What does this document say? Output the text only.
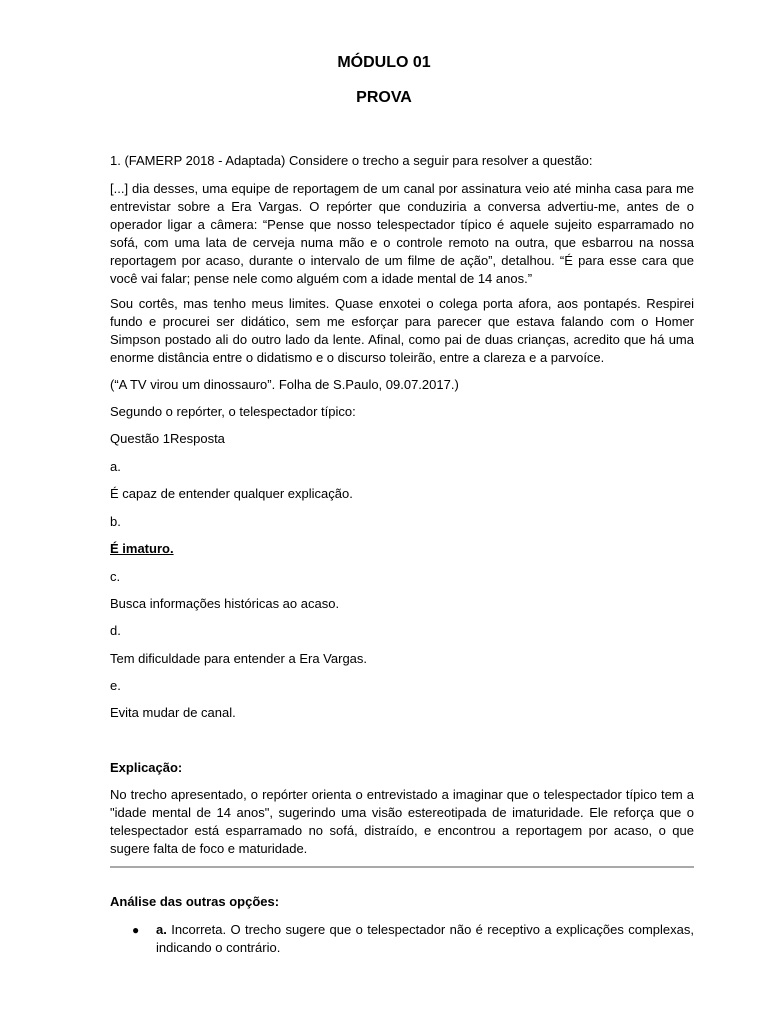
MÓDULO 01
PROVA

1. (FAMERP 2018 - Adaptada) Considere o trecho a seguir para resolver a questão:

[...] dia desses, uma equipe de reportagem de um canal por assinatura veio até minha casa para me entrevistar sobre a Era Vargas. O repórter que conduziria a conversa advertiu-me, antes de o operador ligar a câmera: “Pense que nosso telespectador típico é aquele sujeito esparramado no sofá, com uma lata de cerveja numa mão e o controle remoto na outra, que esbarrou na nossa reportagem por acaso, durante o intervalo de um filme de ação”, detalhou. “É para esse cara que você vai falar; pense nele como alguém com a idade mental de 14 anos.”

Sou cortês, mas tenho meus limites. Quase enxotei o colega porta afora, aos pontapés. Respirei fundo e procurei ser didático, sem me esforçar para parecer que estava falando com o Homer Simpson postado ali do outro lado da lente. Afinal, como pai de duas crianças, acredito que há uma enorme distância entre o didatismo e o discurso toleirão, entre a clareza e a parvoíce.

(“A TV virou um dinossauro”. Folha de S.Paulo, 09.07.2017.)

Segundo o repórter, o telespectador típico:

Questão 1Resposta

a.

É capaz de entender qualquer explicação.

b.

É imaturo.

c.

Busca informações históricas ao acaso.

d.

Tem dificuldade para entender a Era Vargas.

e.

Evita mudar de canal.

Explicação:

No trecho apresentado, o repórter orienta o entrevistado a imaginar que o telespectador típico tem a "idade mental de 14 anos", sugerindo uma visão estereotipada de imaturidade. Ele reforça que o telespectador está esparramado no sofá, distraído, e encontrou a reportagem por acaso, o que sugere falta de foco e maturidade.

Análise das outras opções:

● a. Incorreta. O trecho sugere que o telespectador não é receptivo a explicações complexas, indicando o contrário.
